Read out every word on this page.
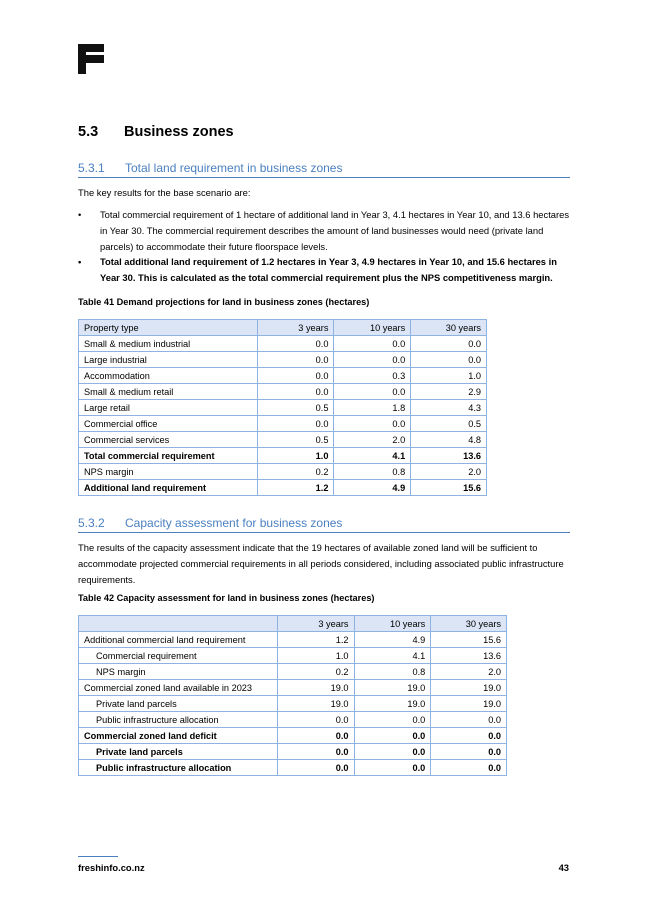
5.3 Business zones
5.3.1 Total land requirement in business zones
The key results for the base scenario are:
• Total commercial requirement of 1 hectare of additional land in Year 3, 4.1 hectares in Year 10, and 13.6 hectares in Year 30. The commercial requirement describes the amount of land businesses would need (private land parcels) to accommodate their future floorspace levels.
• Total additional land requirement of 1.2 hectares in Year 3, 4.9 hectares in Year 10, and 15.6 hectares in Year 30. This is calculated as the total commercial requirement plus the NPS competitiveness margin.
Table 41 Demand projections for land in business zones (hectares)
Property type	3 years	10 years	30 years
Small & medium industrial	0.0	0.0	0.0
Large industrial	0.0	0.0	0.0
Accommodation	0.0	0.3	1.0
Small & medium retail	0.0	0.0	2.9
Large retail	0.5	1.8	4.3
Commercial office	0.0	0.0	0.5
Commercial services	0.5	2.0	4.8
Total commercial requirement	1.0	4.1	13.6
NPS margin	0.2	0.8	2.0
Additional land requirement	1.2	4.9	15.6
5.3.2 Capacity assessment for business zones
The results of the capacity assessment indicate that the 19 hectares of available zoned land will be sufficient to accommodate projected commercial requirements in all periods considered, including associated public infrastructure requirements.
Table 42 Capacity assessment for land in business zones (hectares)
	3 years	10 years	30 years
Additional commercial land requirement	1.2	4.9	15.6
Commercial requirement	1.0	4.1	13.6
NPS margin	0.2	0.8	2.0
Commercial zoned land available in 2023	19.0	19.0	19.0
Private land parcels	19.0	19.0	19.0
Public infrastructure allocation	0.0	0.0	0.0
Commercial zoned land deficit	0.0	0.0	0.0
Private land parcels	0.0	0.0	0.0
Public infrastructure allocation	0.0	0.0	0.0
freshinfo.co.nz	43
